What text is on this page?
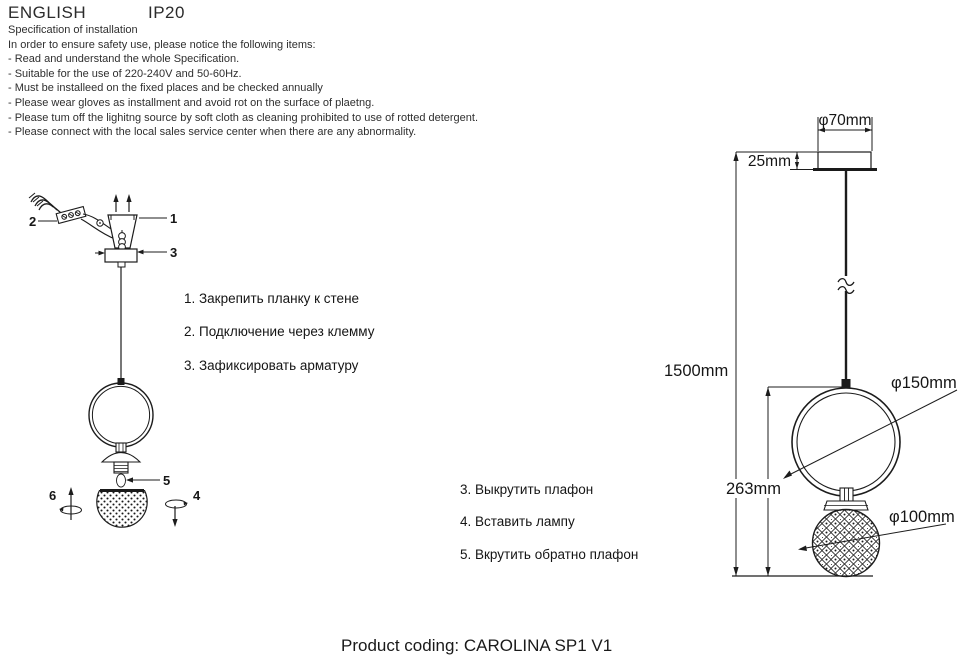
ENGLISH	IP20
Specification of installation
In order to ensure safety use, please notice the following items:
- Read and understand the whole Specification.
- Suitable for the use of 220-240V and 50-60Hz.
- Must be installeed on the fixed places and be checked annually
- Please wear gloves as installment and avoid rot on the surface of plaetng.
- Please tum off the lighitng source by soft cloth as cleaning prohibited to use of rotted detergent.
- Please connect with the local sales service center when there are any abnormality.
2	1
3
5
6	4
1. Закрепить планку к стене
2. Подключение через клемму
3. Зафиксировать арматуру
3. Выкрутить плафон
4. Вставить лампу
5. Вкрутить обратно плафон
φ70mm
25mm
1500mm
φ150mm
263mm
φ100mm
Product coding: CAROLINA SP1 V1
